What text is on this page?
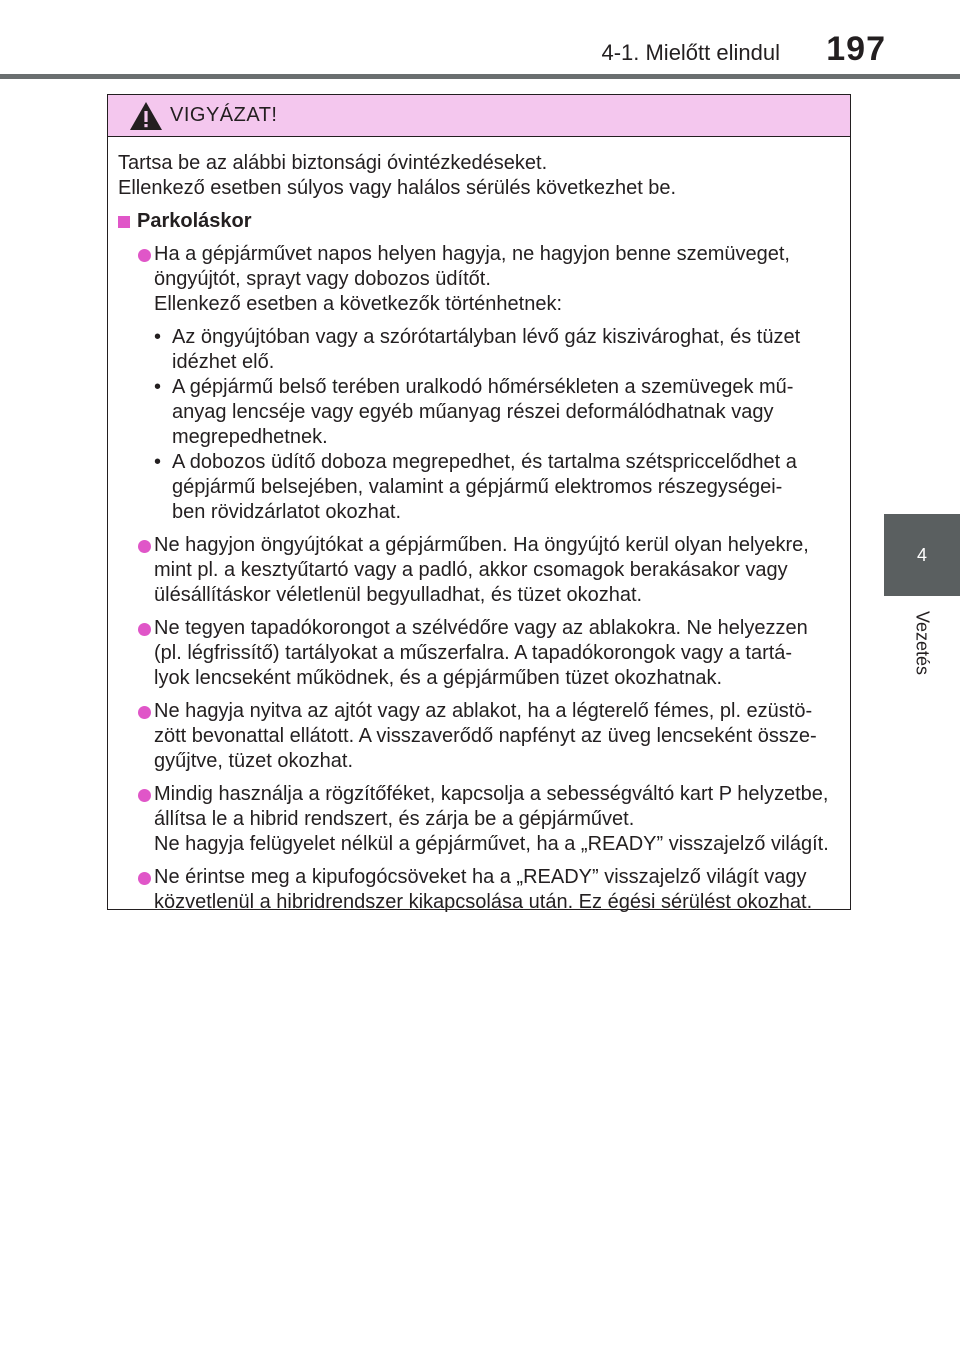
4-1. Mielőtt elindul	197
4
Vezetés
VIGYÁZAT!
Tartsa be az alábbi biztonsági óvintézkedéseket.
Ellenkező esetben súlyos vagy halálos sérülés következhet be.
Parkoláskor
Ha a gépjárművet napos helyen hagyja, ne hagyjon benne szemüveget,
öngyújtót, sprayt vagy dobozos üdítőt.
Ellenkező esetben a következők történhetnek:
• Az öngyújtóban vagy a szórótartályban lévő gáz kiszivároghat, és tüzet
idézhet elő.
• A gépjármű belső terében uralkodó hőmérsékleten a szemüvegek mű-
anyag lencséje vagy egyéb műanyag részei deformálódhatnak vagy
megrepedhetnek.
• A dobozos üdítő doboza megrepedhet, és tartalma szétspriccelődhet a
gépjármű belsejében, valamint a gépjármű elektromos részegységei-
ben rövidzárlatot okozhat.
Ne hagyjon öngyújtókat a gépjárműben. Ha öngyújtó kerül olyan helyekre,
mint pl. a kesztyűtartó vagy a padló, akkor csomagok berakásakor vagy
ülésállításkor véletlenül begyulladhat, és tüzet okozhat.
Ne tegyen tapadókorongot a szélvédőre vagy az ablakokra. Ne helyezzen
(pl. légfrissítő) tartályokat a műszerfalra. A tapadókorongok vagy a tartá-
lyok lencseként működnek, és a gépjárműben tüzet okozhatnak.
Ne hagyja nyitva az ajtót vagy az ablakot, ha a légterelő fémes, pl. ezüstö-
zött bevonattal ellátott. A visszaverődő napfényt az üveg lencseként össze-
gyűjtve, tüzet okozhat.
Mindig használja a rögzítőféket, kapcsolja a sebességváltó kart P helyzetbe,
állítsa le a hibrid rendszert, és zárja be a gépjárművet.
Ne hagyja felügyelet nélkül a gépjárművet, ha a „READY” visszajelző világít.
Ne érintse meg a kipufogócsöveket ha a „READY” visszajelző világít vagy
közvetlenül a hibridrendszer kikapcsolása után. Ez égési sérülést okozhat.
